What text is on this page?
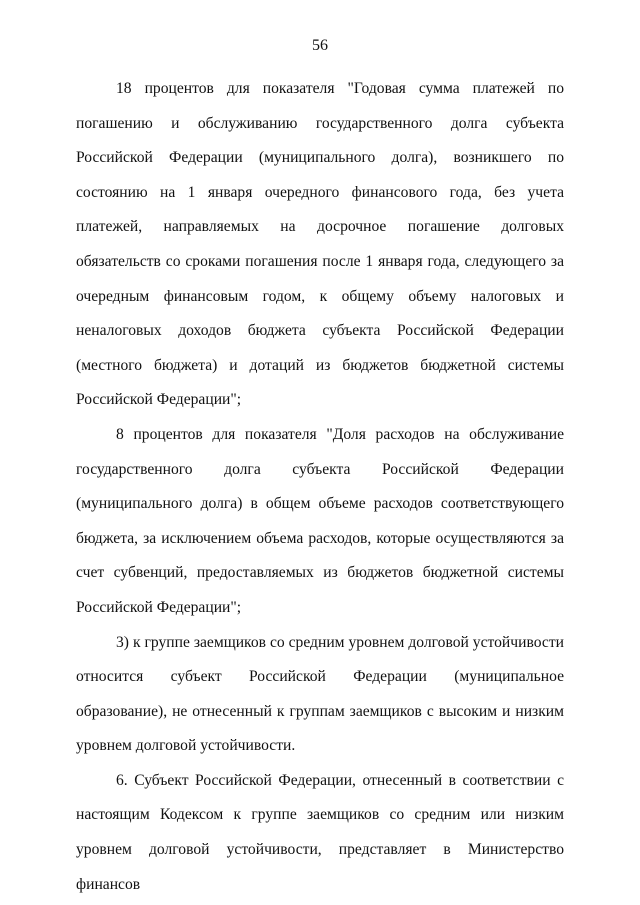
56

18 процентов для показателя "Годовая сумма платежей по погашению и обслуживанию государственного долга субъекта Российской Федерации (муниципального долга), возникшего по состоянию на 1 января очередного финансового года, без учета платежей, направляемых на досрочное погашение долговых обязательств со сроками погашения после 1 января года, следующего за очередным финансовым годом, к общему объему налоговых и неналоговых доходов бюджета субъекта Российской Федерации (местного бюджета) и дотаций из бюджетов бюджетной системы Российской Федерации";

8 процентов для показателя "Доля расходов на обслуживание государственного долга субъекта Российской Федерации (муниципального долга) в общем объеме расходов соответствующего бюджета, за исключением объема расходов, которые осуществляются за счет субвенций, предоставляемых из бюджетов бюджетной системы Российской Федерации";

3) к группе заемщиков со средним уровнем долговой устойчивости относится субъект Российской Федерации (муниципальное образование), не отнесенный к группам заемщиков с высоким и низким уровнем долговой устойчивости.

6. Субъект Российской Федерации, отнесенный в соответствии с настоящим Кодексом к группе заемщиков со средним или низким уровнем долговой устойчивости, представляет в Министерство финансов
